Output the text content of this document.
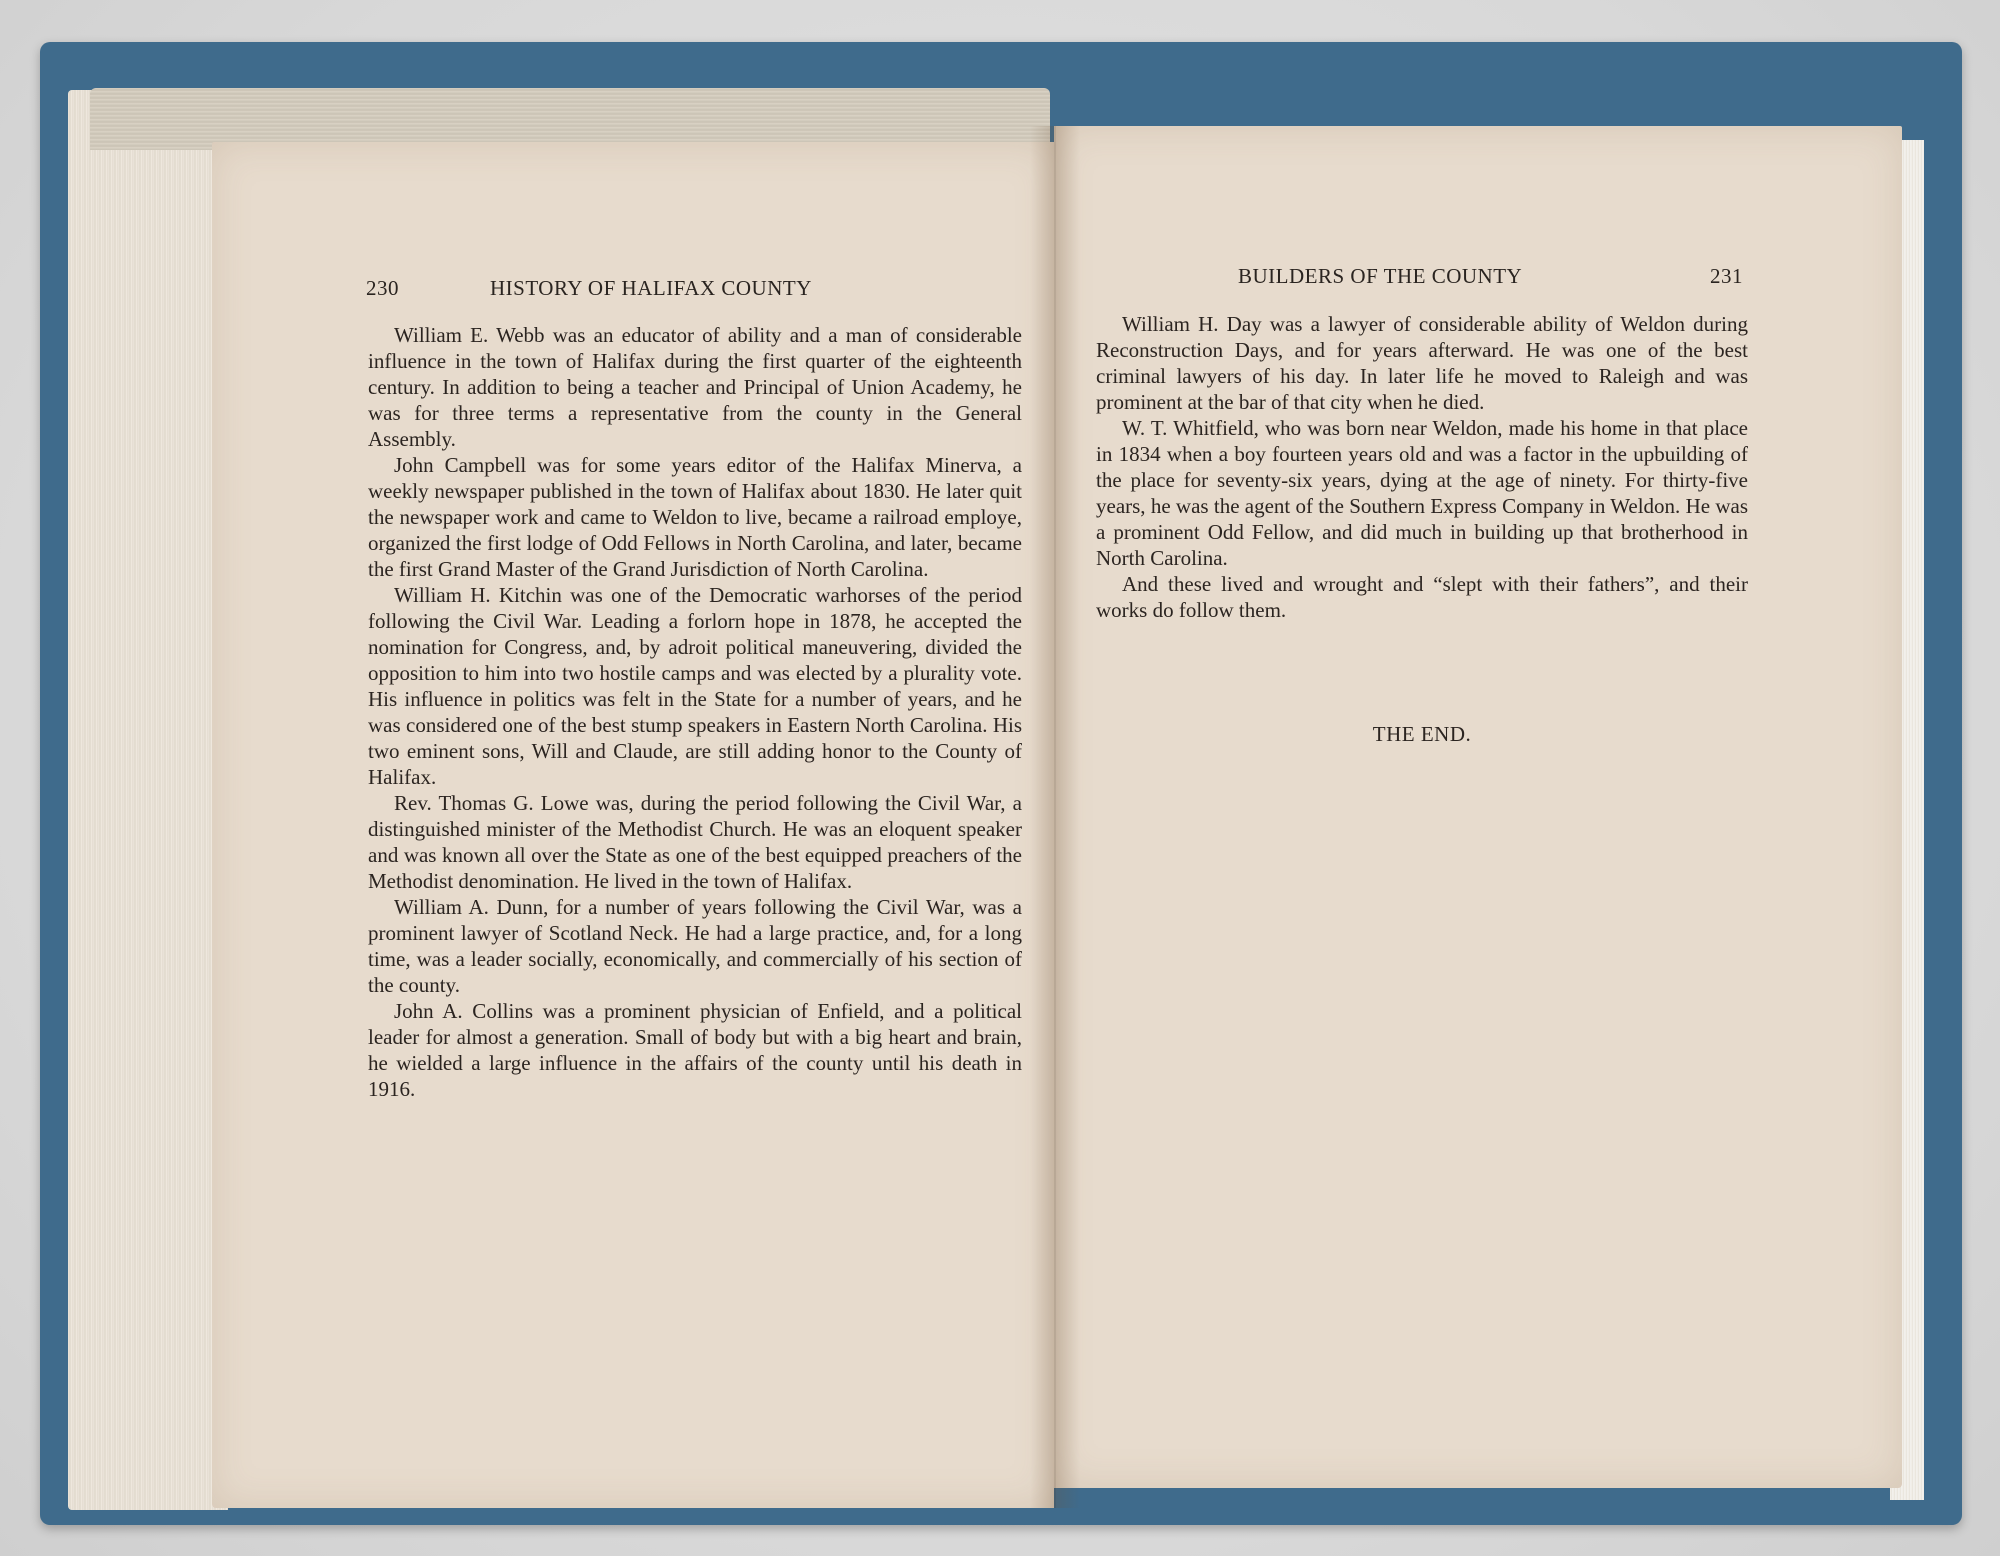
230	HISTORY OF HALIFAX COUNTY

William E. Webb was an educator of ability and a man of considerable influence in the town of Halifax during the first quarter of the eighteenth century. In addition to being a teacher and Principal of Union Academy, he was for three terms a representative from the county in the General Assembly.

John Campbell was for some years editor of the Halifax Minerva, a weekly newspaper published in the town of Halifax about 1830. He later quit the newspaper work and came to Weldon to live, became a railroad employe, organized the first lodge of Odd Fellows in North Carolina, and later, became the first Grand Master of the Grand Jurisdiction of North Carolina.

William H. Kitchin was one of the Democratic warhorses of the period following the Civil War. Leading a forlorn hope in 1878, he accepted the nomination for Congress, and, by adroit political maneuvering, divided the opposition to him into two hostile camps and was elected by a plurality vote. His influence in politics was felt in the State for a number of years, and he was considered one of the best stump speakers in Eastern North Carolina. His two eminent sons, Will and Claude, are still adding honor to the County of Halifax.

Rev. Thomas G. Lowe was, during the period following the Civil War, a distinguished minister of the Methodist Church. He was an eloquent speaker and was known all over the State as one of the best equipped preachers of the Methodist denomination. He lived in the town of Halifax.

William A. Dunn, for a number of years following the Civil War, was a prominent lawyer of Scotland Neck. He had a large practice, and, for a long time, was a leader socially, economically, and commercially of his section of the county.

John A. Collins was a prominent physician of Enfield, and a political leader for almost a generation. Small of body but with a big heart and brain, he wielded a large influence in the affairs of the county until his death in 1916.

BUILDERS OF THE COUNTY	231

William H. Day was a lawyer of considerable ability of Weldon during Reconstruction Days, and for years afterward. He was one of the best criminal lawyers of his day. In later life he moved to Raleigh and was prominent at the bar of that city when he died.

W. T. Whitfield, who was born near Weldon, made his home in that place in 1834 when a boy fourteen years old and was a factor in the upbuilding of the place for seventy-six years, dying at the age of ninety. For thirty-five years, he was the agent of the Southern Express Company in Weldon. He was a prominent Odd Fellow, and did much in building up that brotherhood in North Carolina.

And these lived and wrought and “slept with their fathers”, and their works do follow them.

THE END.
